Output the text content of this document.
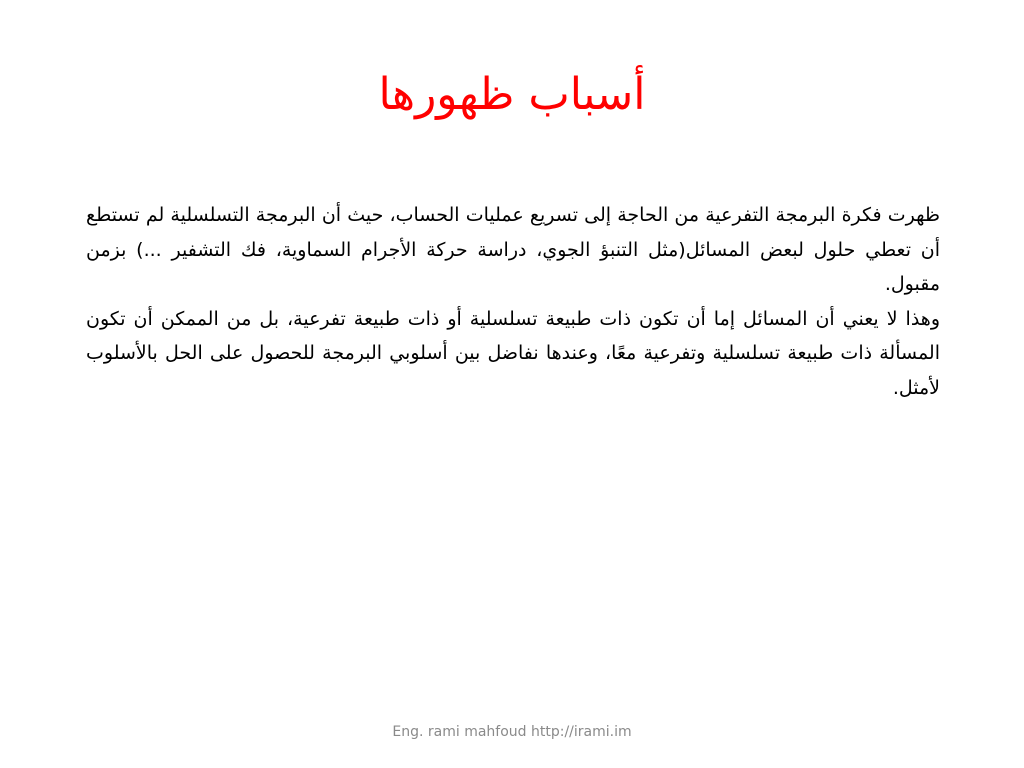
أسباب ظهورها

ظهرت فكرة البرمجة التفرعية من الحاجة إلى تسريع عمليات الحساب، حيث أن البرمجة التسلسلية لم تستطع أن تعطي حلول لبعض المسائل(مثل التنبؤ الجوي، دراسة حركة الأجرام السماوية، فك التشفير ...) بزمن مقبول.

وهذا لا يعني أن المسائل إما أن تكون ذات طبيعة تسلسلية أو ذات طبيعة تفرعية، بل من الممكن أن تكون المسألة ذات طبيعة تسلسلية وتفرعية معًا، وعندها نفاضل بين أسلوبي البرمجة للحصول على الحل بالأسلوب لأمثل.

Eng. rami mahfoud http://irami.im
